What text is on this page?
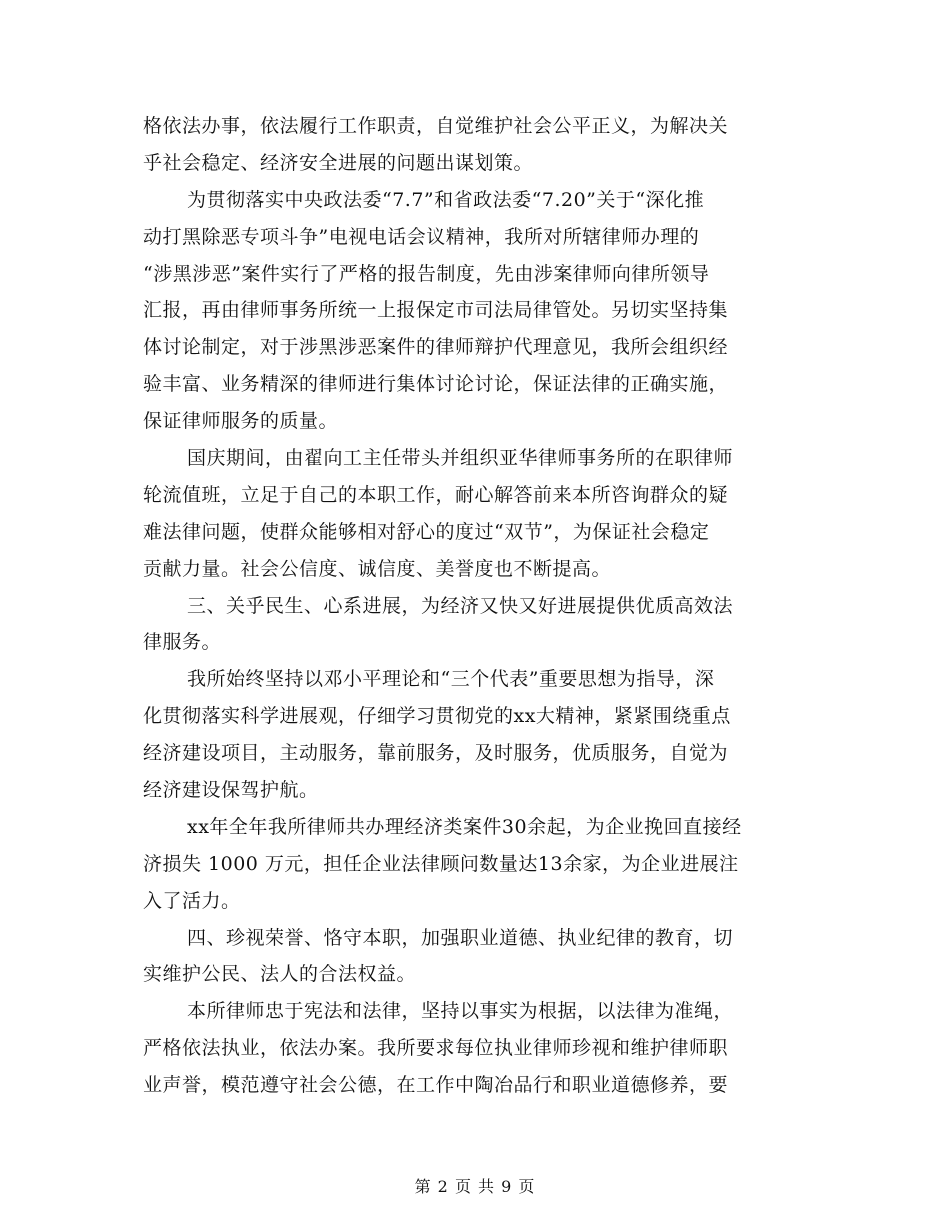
格依法办事，依法履行工作职责，自觉维护社会公平正义，为解决关
乎社会稳定、经济安全进展的问题出谋划策。
为贯彻落实中央政法委“7.7”和省政法委“7.20”关于“深化推
动打黑除恶专项斗争”电视电话会议精神，我所对所辖律师办理的
“涉黑涉恶”案件实行了严格的报告制度，先由涉案律师向律所领导
汇报，再由律师事务所统一上报保定市司法局律管处。另切实坚持集
体讨论制定，对于涉黑涉恶案件的律师辩护代理意见，我所会组织经
验丰富、业务精深的律师进行集体讨论讨论，保证法律的正确实施，
保证律师服务的质量。
国庆期间，由翟向工主任带头并组织亚华律师事务所的在职律师
轮流值班，立足于自己的本职工作，耐心解答前来本所咨询群众的疑
难法律问题，使群众能够相对舒心的度过“双节”，为保证社会稳定
贡献力量。社会公信度、诚信度、美誉度也不断提高。
三、关乎民生、心系进展，为经济又快又好进展提供优质高效法
律服务。
我所始终坚持以邓小平理论和“三个代表”重要思想为指导，深
化贯彻落实科学进展观，仔细学习贯彻党的xx大精神，紧紧围绕重点
经济建设项目，主动服务，靠前服务，及时服务，优质服务，自觉为
经济建设保驾护航。
xx年全年我所律师共办理经济类案件30余起，为企业挽回直接经
济损失 1000 万元，担任企业法律顾问数量达13余家，为企业进展注
入了活力。
四、珍视荣誉、恪守本职，加强职业道德、执业纪律的教育，切
实维护公民、法人的合法权益。
本所律师忠于宪法和法律，坚持以事实为根据，以法律为准绳，
严格依法执业，依法办案。我所要求每位执业律师珍视和维护律师职
业声誉，模范遵守社会公德，在工作中陶冶品行和职业道德修养，要
第 2 页 共 9 页
